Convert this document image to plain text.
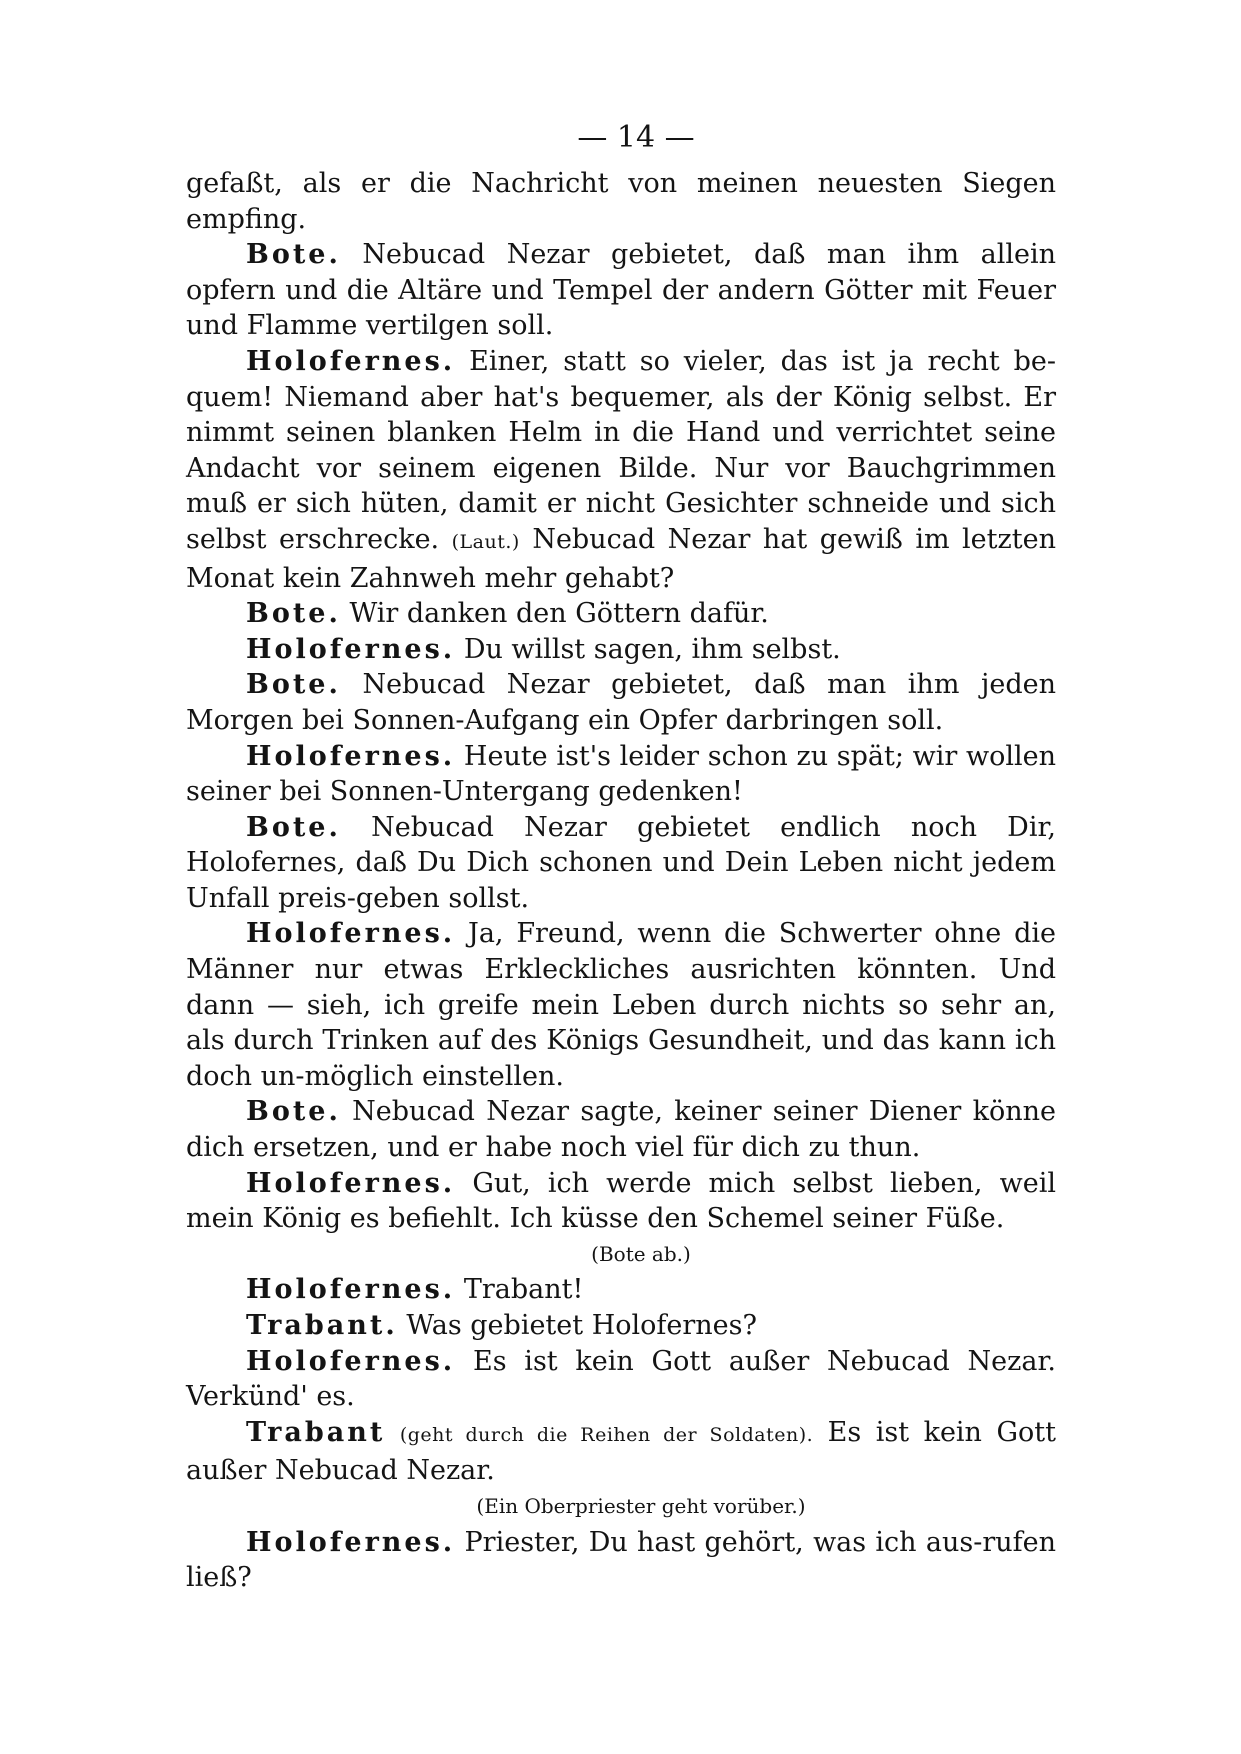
— 14 —

gefaßt, als er die Nachricht von meinen neuesten Siegen empfing.

Bote. Nebucad Nezar gebietet, daß man ihm allein opfern und die Altäre und Tempel der andern Götter mit Feuer und Flamme vertilgen soll.

Holofernes. Einer, statt so vieler, das ist ja recht be-quem! Niemand aber hat's bequemer, als der König selbst. Er nimmt seinen blanken Helm in die Hand und verrichtet seine Andacht vor seinem eigenen Bilde. Nur vor Bauchgrimmen muß er sich hüten, damit er nicht Gesichter schneide und sich selbst erschrecke. (Laut.) Nebucad Nezar hat gewiß im letzten Monat kein Zahnweh mehr gehabt?

Bote. Wir danken den Göttern dafür.

Holofernes. Du willst sagen, ihm selbst.

Bote. Nebucad Nezar gebietet, daß man ihm jeden Morgen bei Sonnen-Aufgang ein Opfer darbringen soll.

Holofernes. Heute ist's leider schon zu spät; wir wollen seiner bei Sonnen-Untergang gedenken!

Bote. Nebucad Nezar gebietet endlich noch Dir, Holofernes, daß Du Dich schonen und Dein Leben nicht jedem Unfall preis-geben sollst.

Holofernes. Ja, Freund, wenn die Schwerter ohne die Männer nur etwas Erkleckliches ausrichten könnten. Und dann — sieh, ich greife mein Leben durch nichts so sehr an, als durch Trinken auf des Königs Gesundheit, und das kann ich doch un-möglich einstellen.

Bote. Nebucad Nezar sagte, keiner seiner Diener könne dich ersetzen, und er habe noch viel für dich zu thun.

Holofernes. Gut, ich werde mich selbst lieben, weil mein König es befiehlt. Ich küsse den Schemel seiner Füße.

(Bote ab.)

Holofernes. Trabant!

Trabant. Was gebietet Holofernes?

Holofernes. Es ist kein Gott außer Nebucad Nezar. Verkünd' es.

Trabant (geht durch die Reihen der Soldaten). Es ist kein Gott außer Nebucad Nezar.

(Ein Oberpriester geht vorüber.)

Holofernes. Priester, Du hast gehört, was ich aus-rufen ließ?
